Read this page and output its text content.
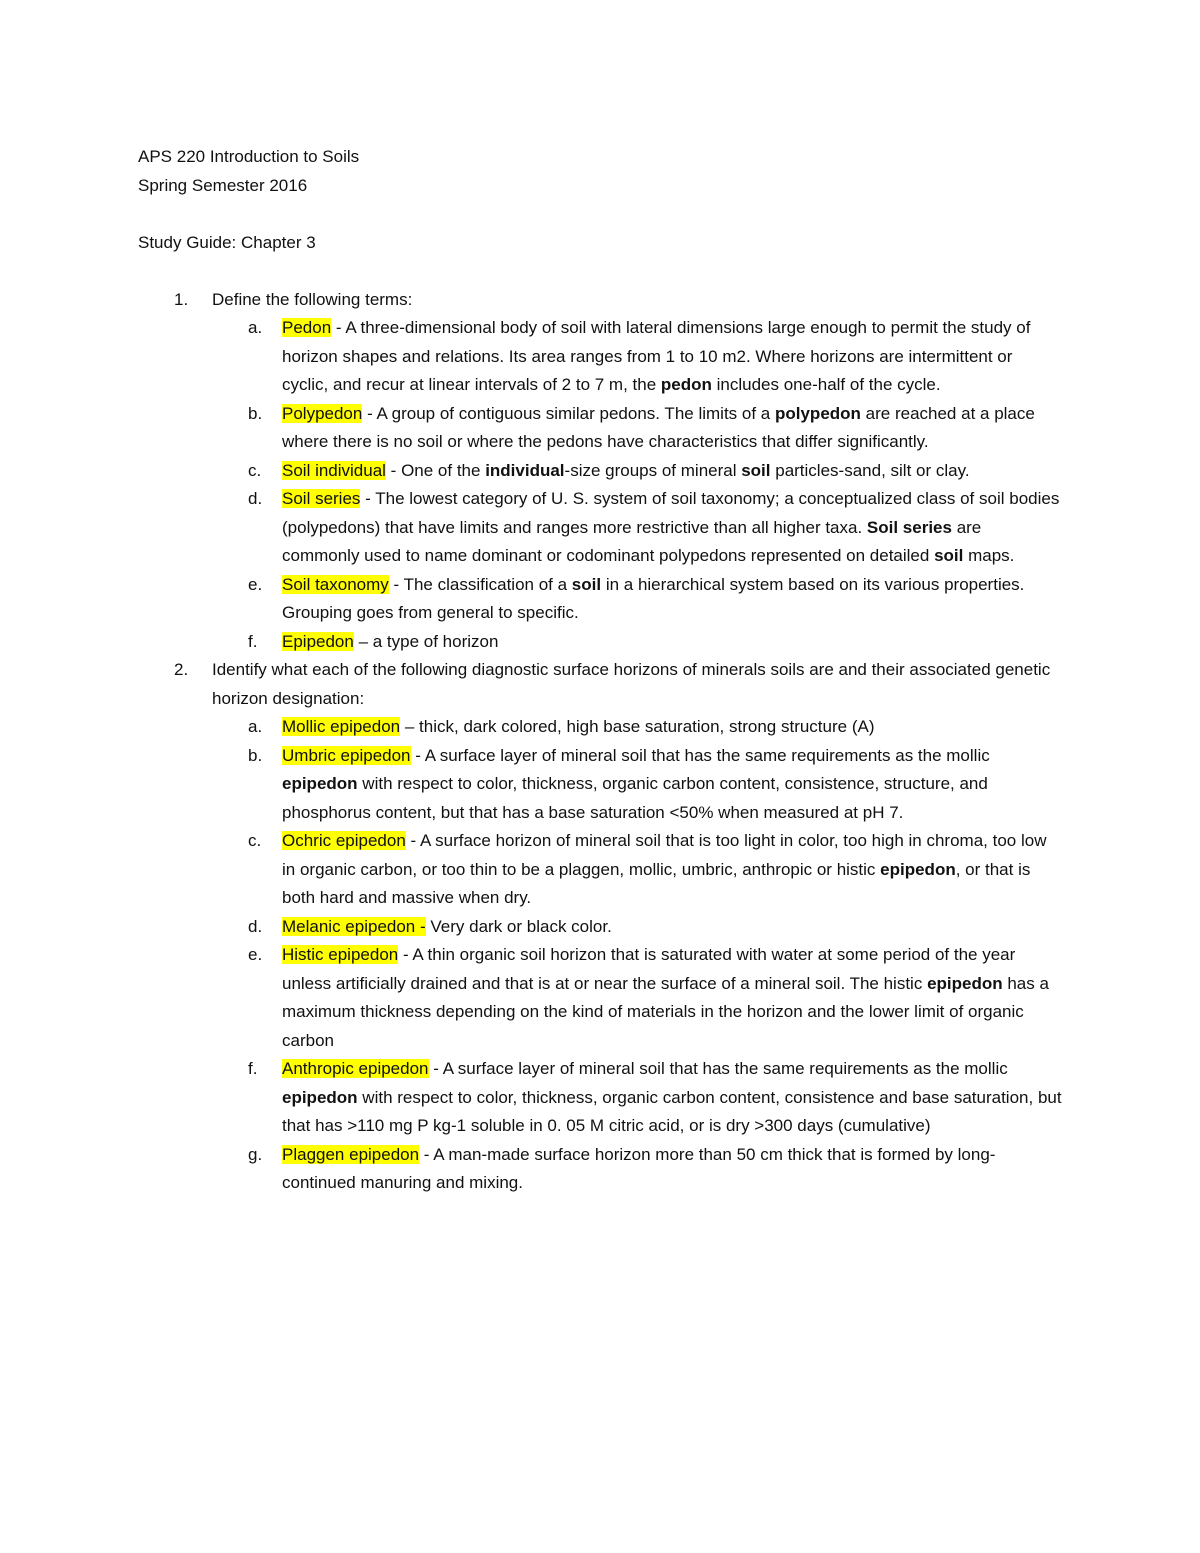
APS 220 Introduction to Soils
Spring Semester 2016
Study Guide: Chapter 3
1. Define the following terms:
a. Pedon - A three-dimensional body of soil with lateral dimensions large enough to permit the study of horizon shapes and relations. Its area ranges from 1 to 10 m2. Where horizons are intermittent or cyclic, and recur at linear intervals of 2 to 7 m, the pedon includes one-half of the cycle.
b. Polypedon - A group of contiguous similar pedons. The limits of a polypedon are reached at a place where there is no soil or where the pedons have characteristics that differ significantly.
c. Soil individual - One of the individual-size groups of mineral soil particles-sand, silt or clay.
d. Soil series - The lowest category of U. S. system of soil taxonomy; a conceptualized class of soil bodies (polypedons) that have limits and ranges more restrictive than all higher taxa. Soil series are commonly used to name dominant or codominant polypedons represented on detailed soil maps.
e. Soil taxonomy - The classification of a soil in a hierarchical system based on its various properties. Grouping goes from general to specific.
f. Epipedon – a type of horizon
2. Identify what each of the following diagnostic surface horizons of minerals soils are and their associated genetic horizon designation:
a. Mollic epipedon – thick, dark colored, high base saturation, strong structure (A)
b. Umbric epipedon - A surface layer of mineral soil that has the same requirements as the mollic epipedon with respect to color, thickness, organic carbon content, consistence, structure, and phosphorus content, but that has a base saturation <50% when measured at pH 7.
c. Ochric epipedon - A surface horizon of mineral soil that is too light in color, too high in chroma, too low in organic carbon, or too thin to be a plaggen, mollic, umbric, anthropic or histic epipedon, or that is both hard and massive when dry.
d. Melanic epipedon - Very dark or black color.
e. Histic epipedon - A thin organic soil horizon that is saturated with water at some period of the year unless artificially drained and that is at or near the surface of a mineral soil. The histic epipedon has a maximum thickness depending on the kind of materials in the horizon and the lower limit of organic carbon
f. Anthropic epipedon - A surface layer of mineral soil that has the same requirements as the mollic epipedon with respect to color, thickness, organic carbon content, consistence and base saturation, but that has >110 mg P kg-1 soluble in 0. 05 M citric acid, or is dry >300 days (cumulative)
g. Plaggen epipedon - A man-made surface horizon more than 50 cm thick that is formed by long-continued manuring and mixing.
